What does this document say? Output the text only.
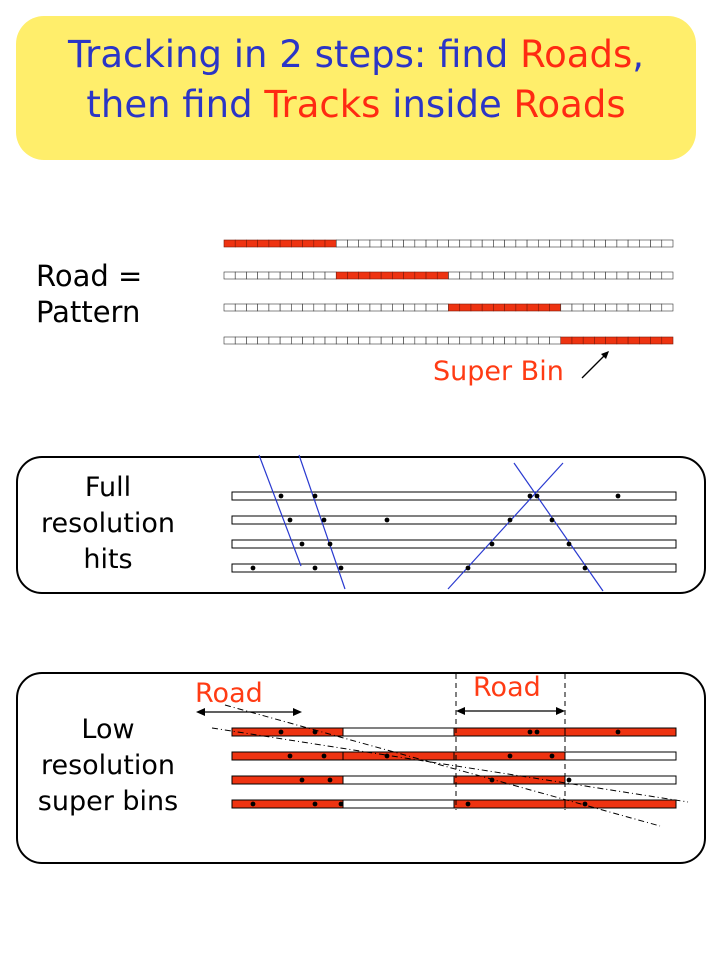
Tracking in 2 steps: find Roads,
then find Tracks inside Roads
Road =
Pattern
Super Bin
Full
resolution
hits
Low
resolution
super bins
Road	Road
